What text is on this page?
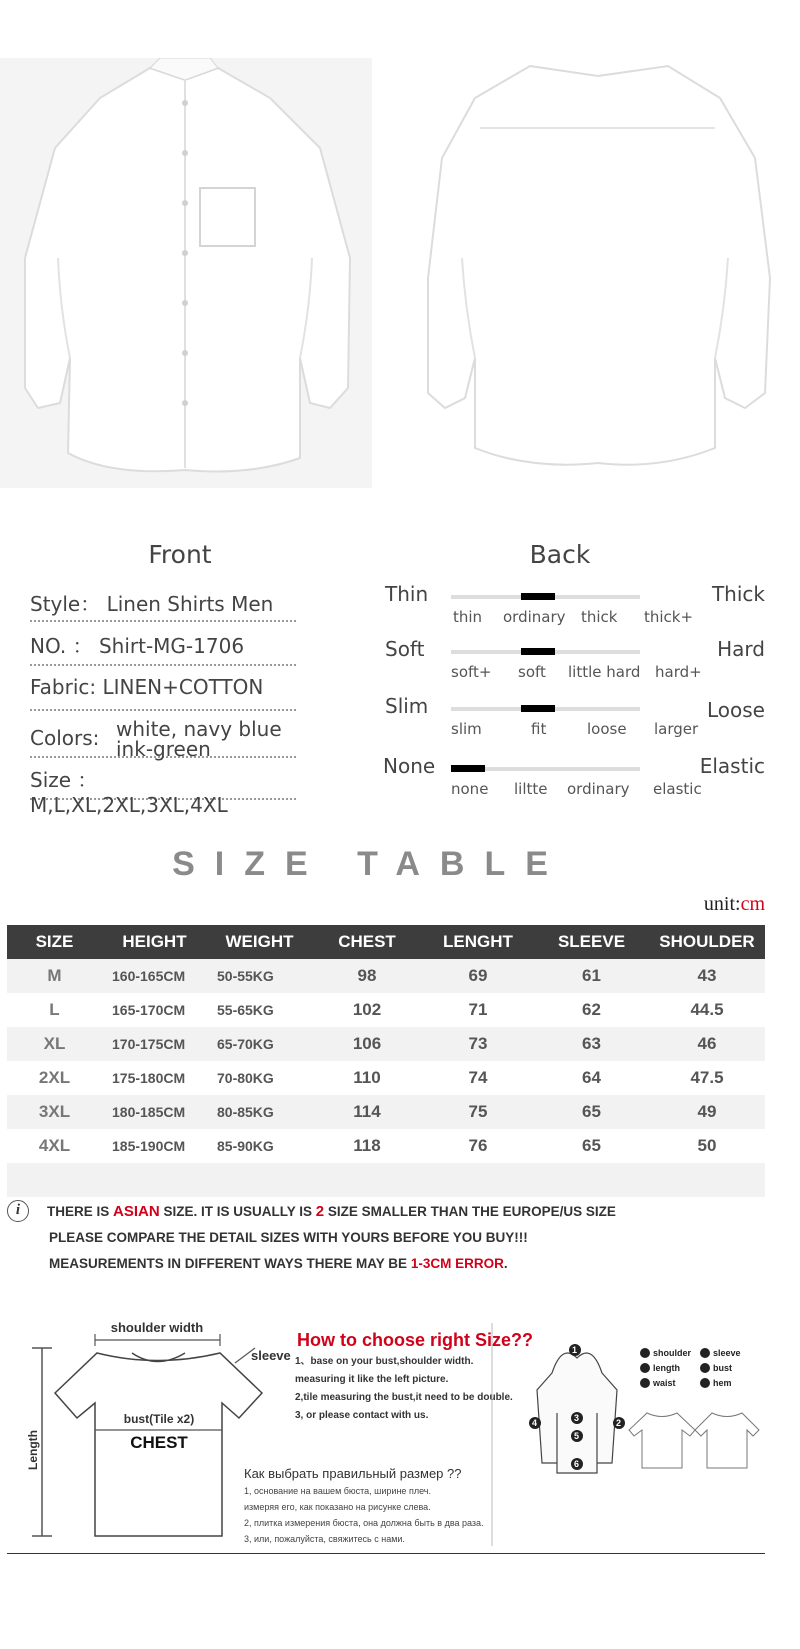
Front	Back
Style： Linen Shirts Men
NO. ： Shirt-MG-1706
Fabric: LINEN+COTTON
Colors: white, navy blue
ink-green
Size ： M,L,XL,2XL,3XL,4XL
Thin	Thick
thin ordinary thick thick+
Soft	Hard
soft+ soft little hard hard+
Slim	Loose
slim	fit	loose larger
None	Elastic
none liltte ordinary elastic
SIZE TABLE
unit:cm
SIZE	HEIGHT	WEIGHT	CHEST	LENGHT	SLEEVE	SHOULDER
M	160-165CM	50-55KG	98	69	61	43
L	165-170CM	55-65KG	102	71	62	44.5
XL	170-175CM	65-70KG	106	73	63	46
2XL	175-180CM	70-80KG	110	74	64	47.5
3XL	180-185CM	80-85KG	114	75	65	49
4XL	185-190CM	85-90KG	118	76	65	50

i	THERE IS ASIAN SIZE. IT IS USUALLY IS 2 SIZE SMALLER THAN THE EUROPE/US SIZE
PLEASE COMPARE THE DETAIL SIZES WITH YOURS BEFORE YOU BUY!!!
MEASUREMENTS IN DIFFERENT WAYS THERE MAY BE 1-3CM ERROR.
Length
shoulder width
sleeve
bust(Tile x2)
CHEST
How to choose right Size??
1、base on your bust,shoulder width.
measuring it like the left picture.
2,tile measuring the bust,it need to be double.
3, or please contact with us.
Как выбрать правильный размер ??
1, основание на вашем бюста, ширине плеч.
измеряя его, как показано на рисунке слева.
2, плитка измерения бюста, она должна быть в два раза.
3, или, пожалуйста, свяжитесь с нами.
1
2
3
4
5
6
shoulder sleeve
length	bust
waist	hem
